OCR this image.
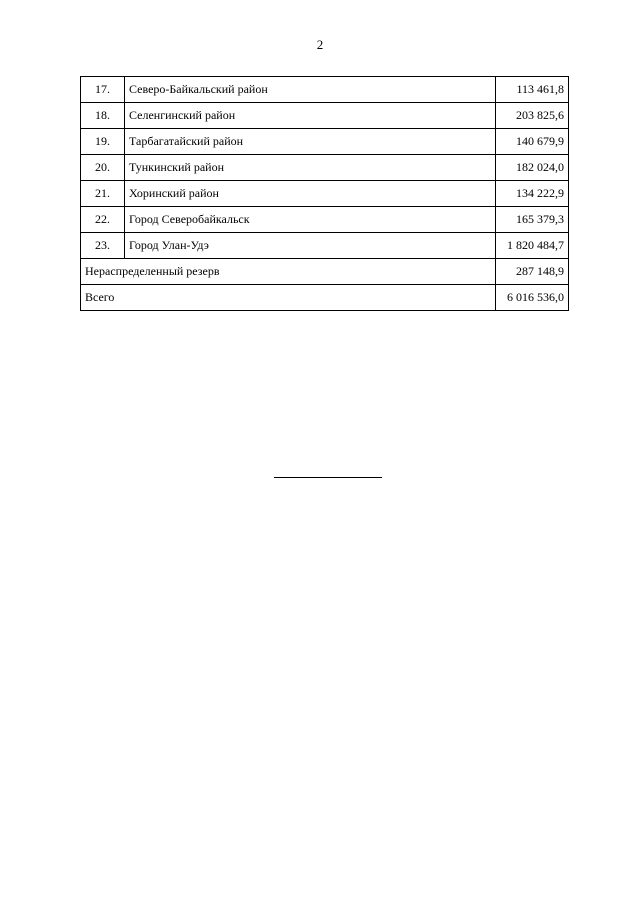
2
17.	Северо-Байкальский район	113 461,8
18.	Селенгинский район	203 825,6
19.	Тарбагатайский район	140 679,9
20.	Тункинский район	182 024,0
21.	Хоринский район	134 222,9
22.	Город Северобайкальск	165 379,3
23.	Город Улан-Удэ	1 820 484,7
Нераспределенный резерв		287 148,9
Всего		6 016 536,0
